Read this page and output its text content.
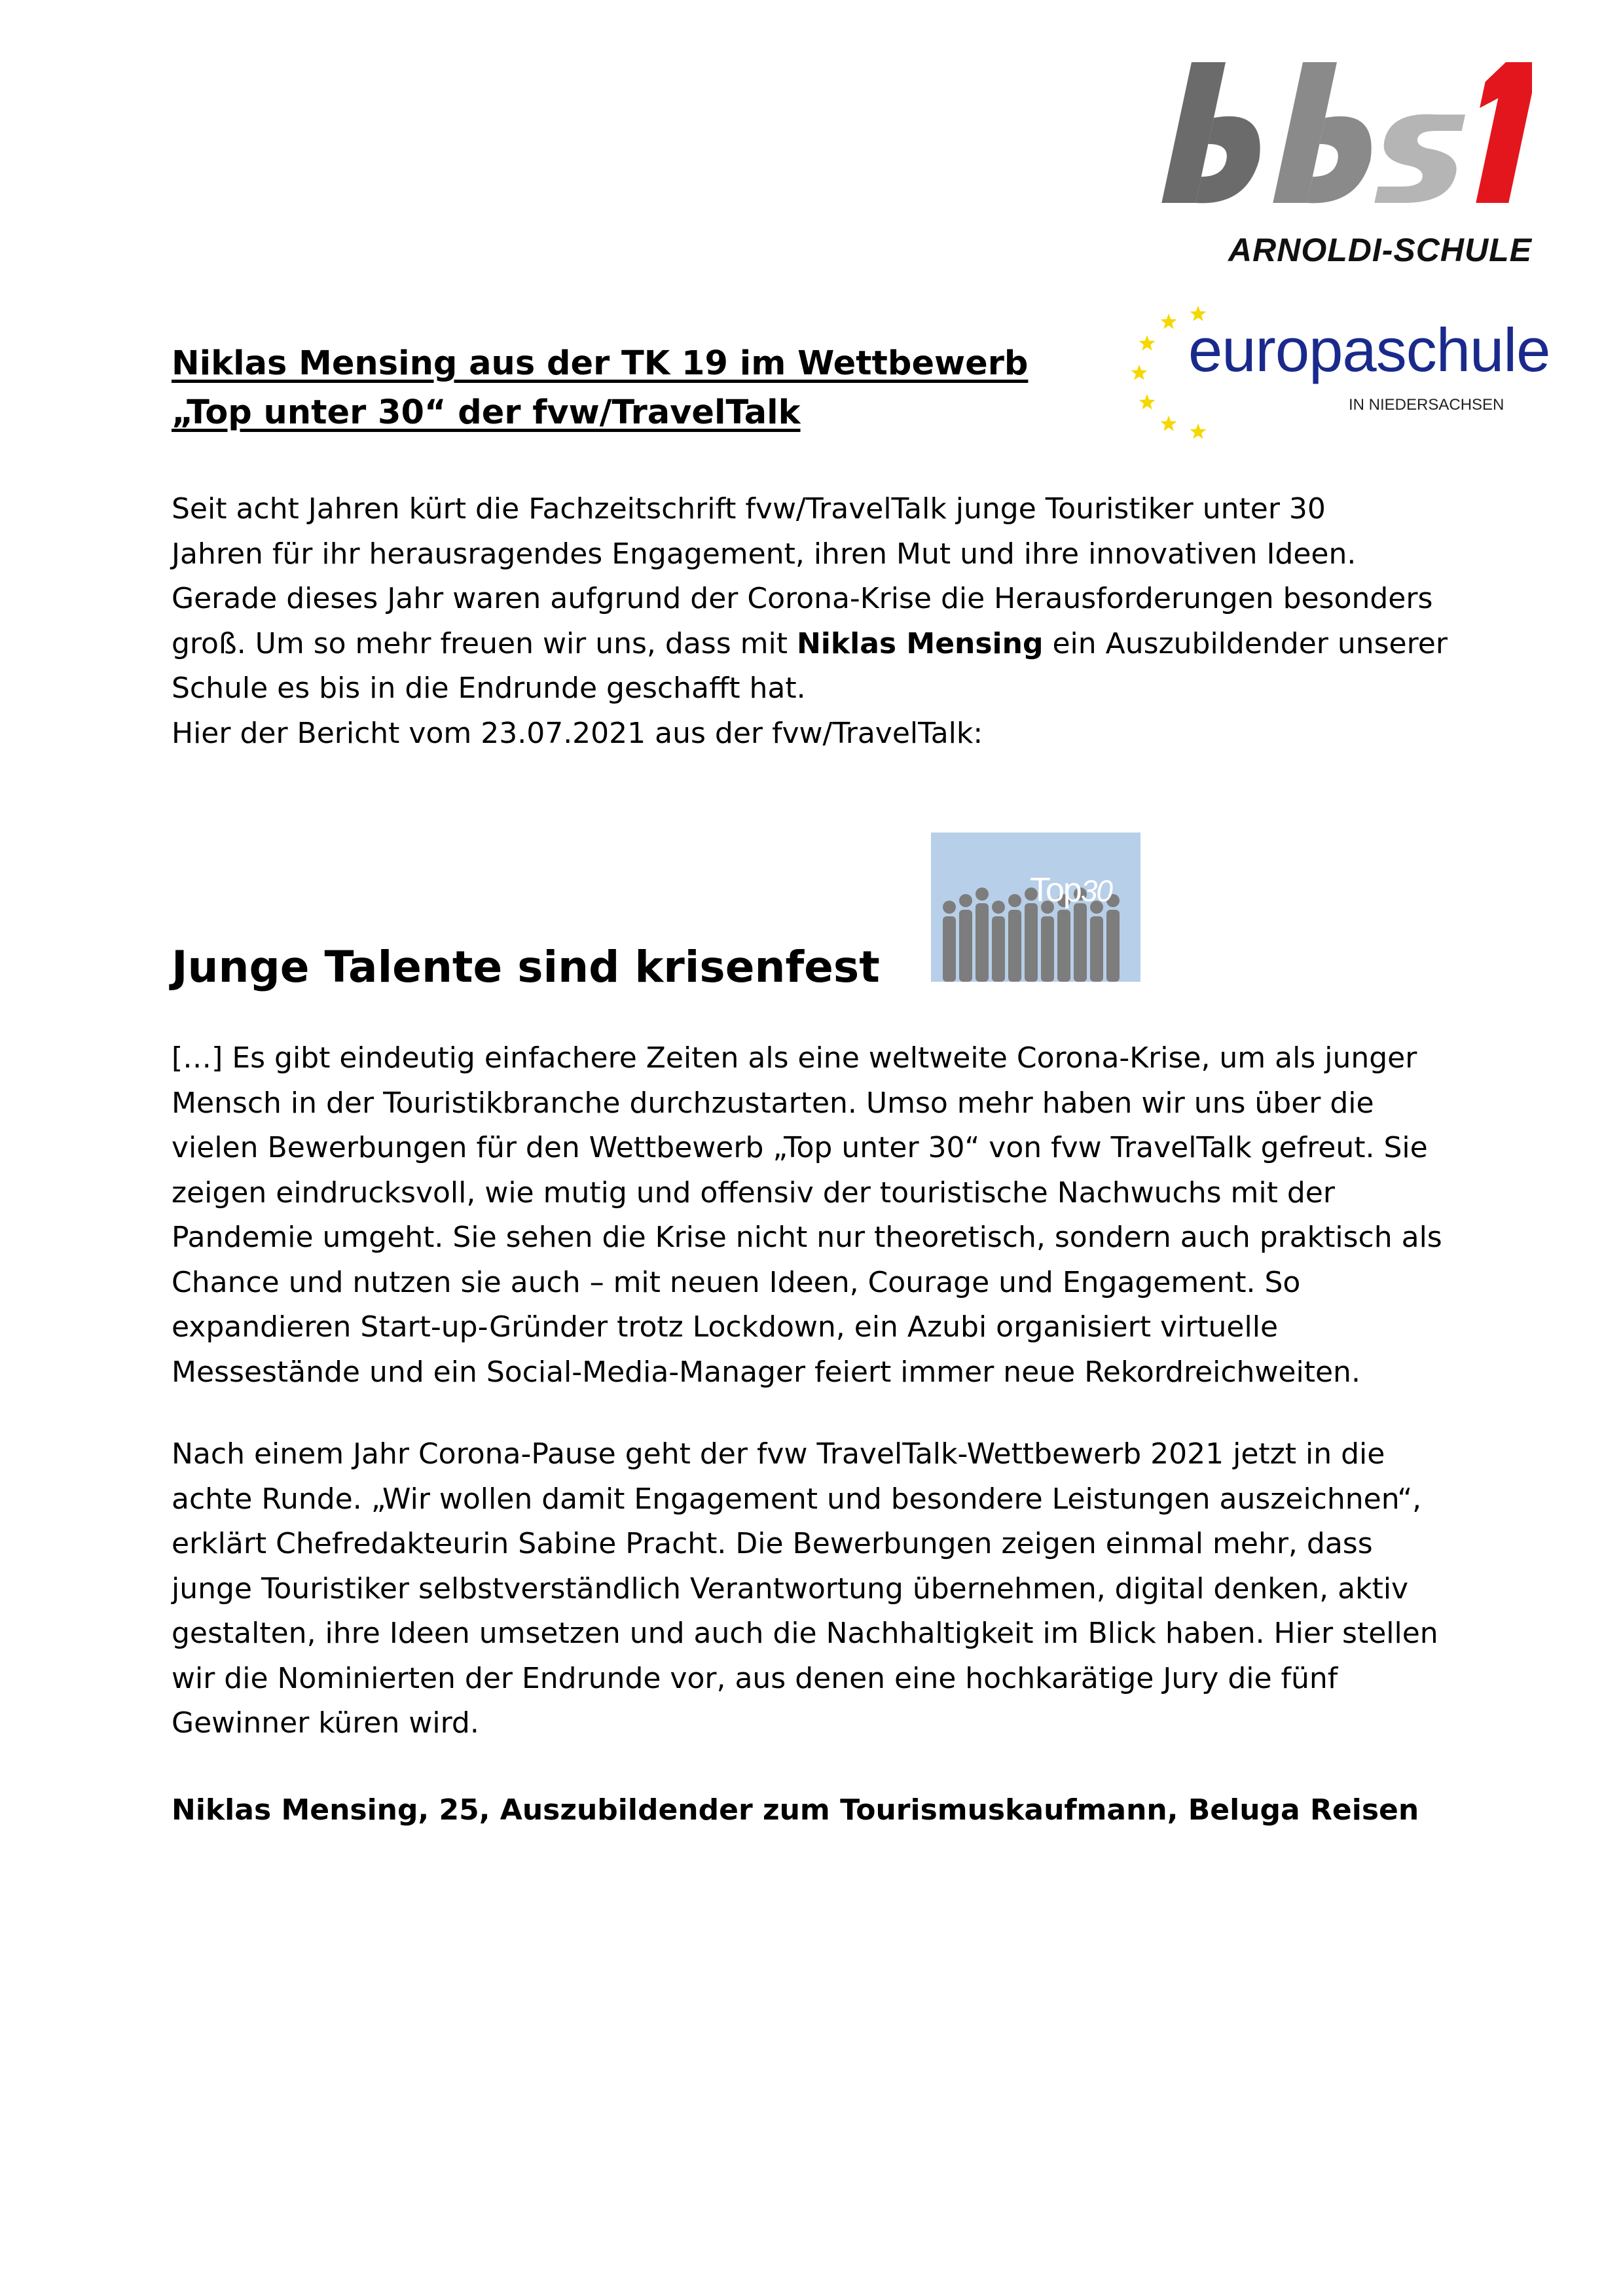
ARNOLDI-SCHULE
Niklas Mensing aus der TK 19 im Wettbewerb
„Top unter 30“ der fvw/TravelTalk
europaschule
IN NIEDERSACHSEN
Seit acht Jahren kürt die Fachzeitschrift fvw/TravelTalk junge Touristiker unter 30
Jahren für ihr herausragendes Engagement, ihren Mut und ihre innovativen Ideen.
Gerade dieses Jahr waren aufgrund der Corona-Krise die Herausforderungen besonders
groß. Um so mehr freuen wir uns, dass mit Niklas Mensing ein Auszubildender unserer
Schule es bis in die Endrunde geschafft hat.
Hier der Bericht vom 23.07.2021 aus der fvw/TravelTalk:
Top30
Junge Talente sind krisenfest
[…] Es gibt eindeutig einfachere Zeiten als eine weltweite Corona-Krise, um als junger
Mensch in der Touristikbranche durchzustarten. Umso mehr haben wir uns über die
vielen Bewerbungen für den Wettbewerb „Top unter 30“ von fvw TravelTalk gefreut. Sie
zeigen eindrucksvoll, wie mutig und offensiv der touristische Nachwuchs mit der
Pandemie umgeht. Sie sehen die Krise nicht nur theoretisch, sondern auch praktisch als
Chance und nutzen sie auch – mit neuen Ideen, Courage und Engagement. So
expandieren Start-up-Gründer trotz Lockdown, ein Azubi organisiert virtuelle
Messestände und ein Social-Media-Manager feiert immer neue Rekordreichweiten.
Nach einem Jahr Corona-Pause geht der fvw TravelTalk-Wettbewerb 2021 jetzt in die
achte Runde. „Wir wollen damit Engagement und besondere Leistungen auszeichnen“,
erklärt Chefredakteurin Sabine Pracht. Die Bewerbungen zeigen einmal mehr, dass
junge Touristiker selbstverständlich Verantwortung übernehmen, digital denken, aktiv
gestalten, ihre Ideen umsetzen und auch die Nachhaltigkeit im Blick haben. Hier stellen
wir die Nominierten der Endrunde vor, aus denen eine hochkarätige Jury die fünf
Gewinner küren wird.
Niklas Mensing, 25, Auszubildender zum Tourismuskaufmann, Beluga Reisen
